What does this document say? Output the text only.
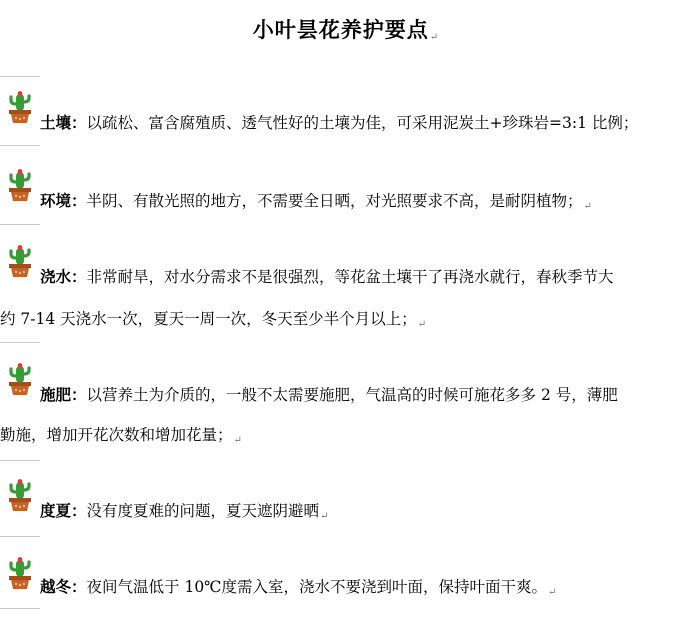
小叶昙花养护要点↵
土壤：以疏松、富含腐殖质、透气性好的土壤为佳，可采用泥炭土+珍珠岩=3:1 比例；
环境：半阴、有散光照的地方，不需要全日晒，对光照要求不高，是耐阴植物；↵
浇水：非常耐旱，对水分需求不是很强烈，等花盆土壤干了再浇水就行，春秋季节大
约 7-14 天浇水一次，夏天一周一次，冬天至少半个月以上；↵
施肥：以营养土为介质的，一般不太需要施肥，气温高的时候可施花多多 2 号，薄肥
勤施，增加开花次数和增加花量；↵
度夏：没有度夏难的问题，夏天遮阴避晒↵
越冬：夜间气温低于 10℃度需入室，浇水不要浇到叶面，保持叶面干爽。↵
